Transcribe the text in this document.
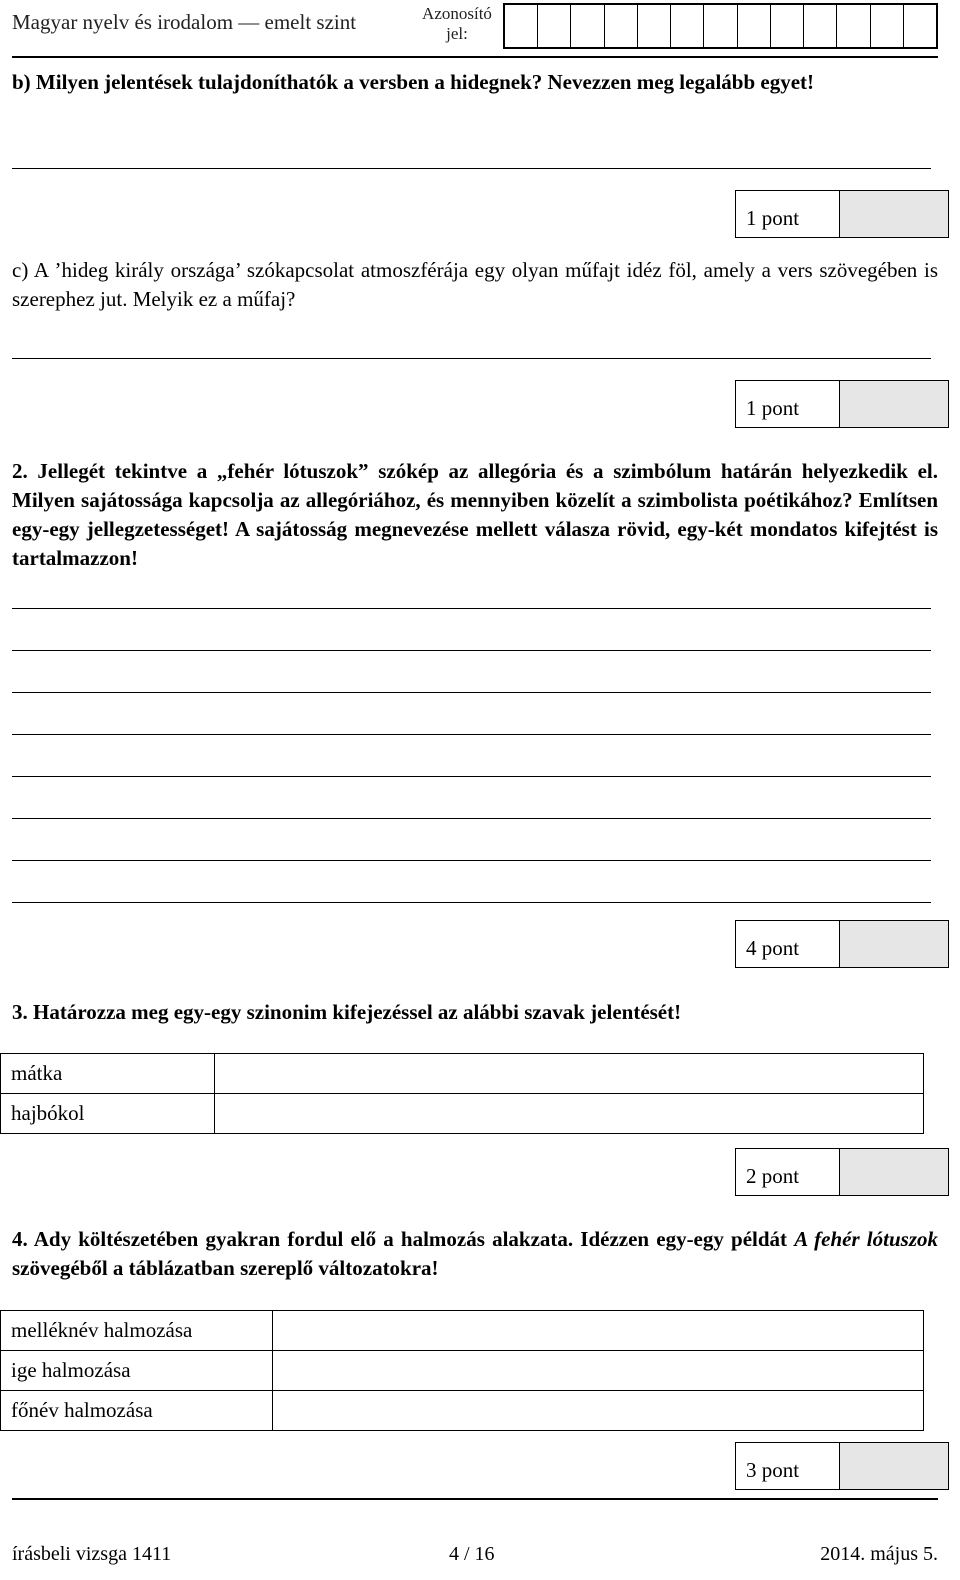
Magyar nyelv és irodalom — emelt szint	Azonosító
jel:
b) Milyen jelentések tulajdoníthatók a versben a hidegnek? Nevezzen meg legalább egyet!
1 pont
c) A ’hideg király országa’ szókapcsolat atmoszférája egy olyan műfajt idéz föl, amely a vers szövegében is szerephez jut. Melyik ez a műfaj?
1 pont
2. Jellegét tekintve a „fehér lótuszok” szókép az allegória és a szimbólum határán helyezkedik el. Milyen sajátossága kapcsolja az allegóriához, és mennyiben közelít a szimbolista poétikához? Említsen egy-egy jellegzetességet! A sajátosság megnevezése mellett válasza rövid, egy-két mondatos kifejtést is tartalmazzon!
4 pont
3. Határozza meg egy-egy szinonim kifejezéssel az alábbi szavak jelentését!
mátka	
hajbókol	
2 pont
4. Ady költészetében gyakran fordul elő a halmozás alakzata. Idézzen egy-egy példát A fehér lótuszok szövegéből a táblázatban szereplő változatokra!
melléknév halmozása	
ige halmozása	
főnév halmozása	
3 pont
írásbeli vizsga 1411	4 / 16	2014. május 5.
